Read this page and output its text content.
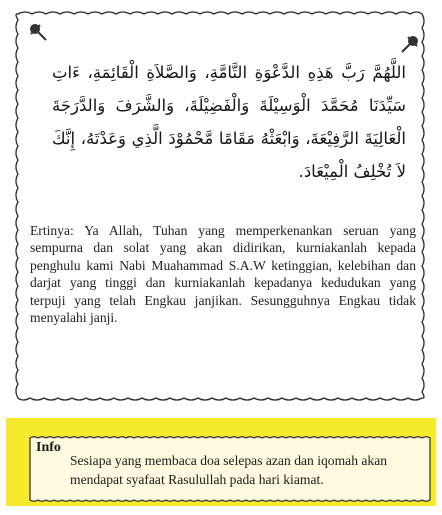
اللَّهُمَّ رَبَّ هَذِهِ الدَّعْوَةِ التَّامَّةِ، وَالصَّلاَةِ الْقَائِمَةِ، ءَاتِ سَيِّدَنَا مُحَمَّدَ الْوَسِيْلَةَ وَالْفَضِيْلَةَ، وَالشَّرَفَ وَالدَّرَجَةَ الْعَالِيَةَ الرَّفِيْعَةَ، وَابْعَثْهُ مَقَامًا مَّحْمُوْدَ الَّذِي وَعَدْتَهُ، إِنَّكَ لاَ تُخْلِفُ الْمِيْعَادَ.
Ertinya: Ya Allah, Tuhan yang memperkenankan seruan yang sempurna dan solat yang akan didirikan, kurniakanlah kepada penghulu kami Nabi Muahammad S.A.W ketinggian, kelebihan dan darjat yang tinggi dan kurniakanlah kepadanya kedudukan yang terpuji yang telah Engkau janjikan. Sesungguhnya Engkau tidak menyalahi janji.
Info
Sesiapa yang membaca doa selepas azan dan iqomah akan mendapat syafaat Rasulullah pada hari kiamat.
